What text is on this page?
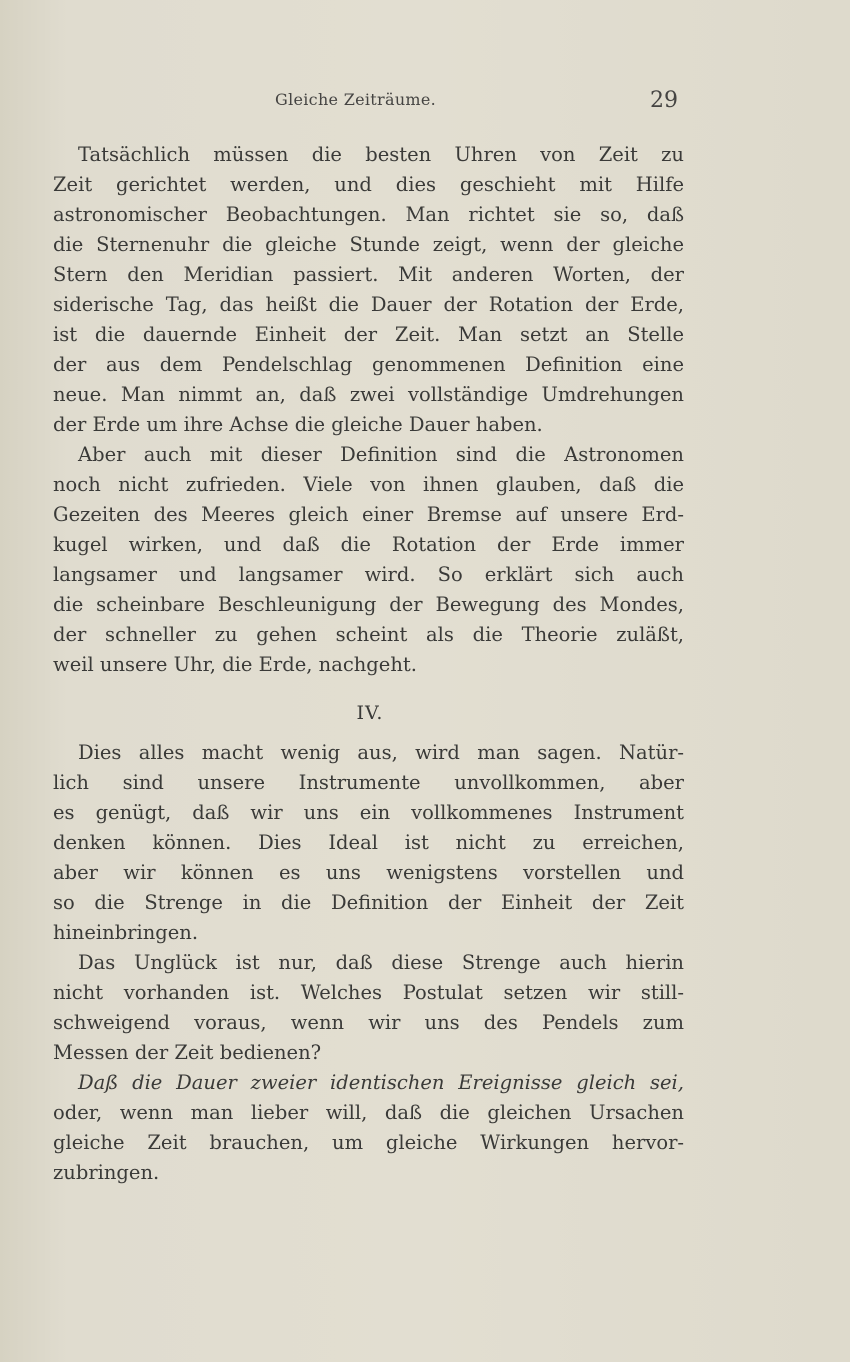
Gleiche Zeiträume.	29
Tatsächlich müssen die besten Uhren von Zeit zu
Zeit gerichtet werden, und dies geschieht mit Hilfe
astronomischer Beobachtungen. Man richtet sie so, daß
die Sternenuhr die gleiche Stunde zeigt, wenn der gleiche
Stern den Meridian passiert. Mit anderen Worten, der
siderische Tag, das heißt die Dauer der Rotation der Erde,
ist die dauernde Einheit der Zeit. Man setzt an Stelle
der aus dem Pendelschlag genommenen Definition eine
neue. Man nimmt an, daß zwei vollständige Umdrehungen
der Erde um ihre Achse die gleiche Dauer haben.
Aber auch mit dieser Definition sind die Astronomen
noch nicht zufrieden. Viele von ihnen glauben, daß die
Gezeiten des Meeres gleich einer Bremse auf unsere Erd-
kugel wirken, und daß die Rotation der Erde immer
langsamer und langsamer wird. So erklärt sich auch
die scheinbare Beschleunigung der Bewegung des Mondes,
der schneller zu gehen scheint als die Theorie zuläßt,
weil unsere Uhr, die Erde, nachgeht.
IV.
Dies alles macht wenig aus, wird man sagen. Natür-
lich sind unsere Instrumente unvollkommen, aber
es genügt, daß wir uns ein vollkommenes Instrument
denken können. Dies Ideal ist nicht zu erreichen,
aber wir können es uns wenigstens vorstellen und
so die Strenge in die Definition der Einheit der Zeit
hineinbringen.
Das Unglück ist nur, daß diese Strenge auch hierin
nicht vorhanden ist. Welches Postulat setzen wir still-
schweigend voraus, wenn wir uns des Pendels zum
Messen der Zeit bedienen?
Daß die Dauer zweier identischen Ereignisse gleich sei,
oder, wenn man lieber will, daß die gleichen Ursachen
gleiche Zeit brauchen, um gleiche Wirkungen hervor-
zubringen.
